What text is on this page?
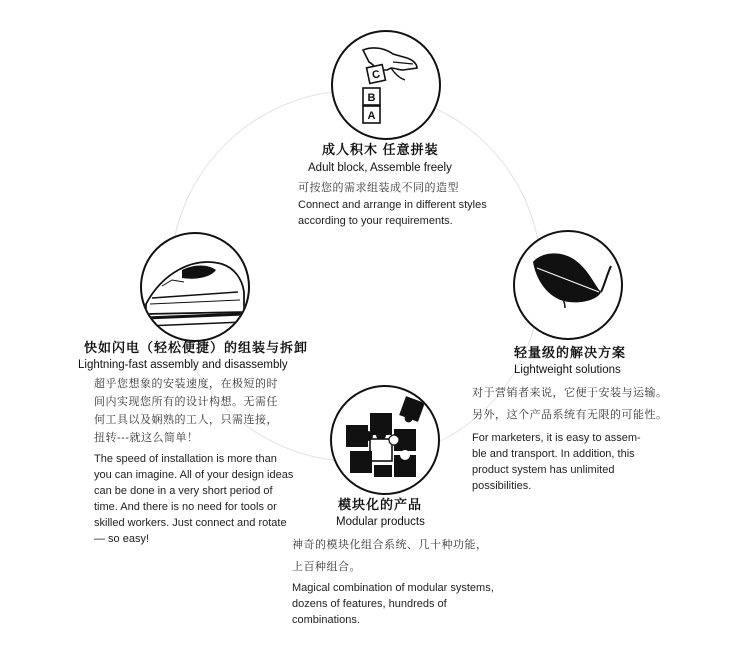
C
B
A
成人积木 任意拼装
Adult block, Assemble freely
可按您的需求组装成不同的造型
Connect and arrange in different styles
according to your requirements.
快如闪电（轻松便捷）的组装与拆卸
Lightning-fast assembly and disassembly
超乎您想象的安装速度，在极短的时
间内实现您所有的设计构想。无需任
何工具以及娴熟的工人，只需连接，
扭转---就这么简单！
The speed of installation is more than
you can imagine. All of your design ideas
can be done in a very short period of
time. And there is no need for tools or
skilled workers. Just connect and rotate
— so easy!
轻量级的解决方案
Lightweight solutions
对于营销者来说，它便于安装与运输。
另外，这个产品系统有无限的可能性。
For marketers, it is easy to assem-
ble and transport. In addition, this
product system has unlimited
possibilities.
模块化的产品
Modular products
神奇的模块化组合系统、几十种功能，
上百种组合。
Magical combination of modular systems,
dozens of features, hundreds of
combinations.
